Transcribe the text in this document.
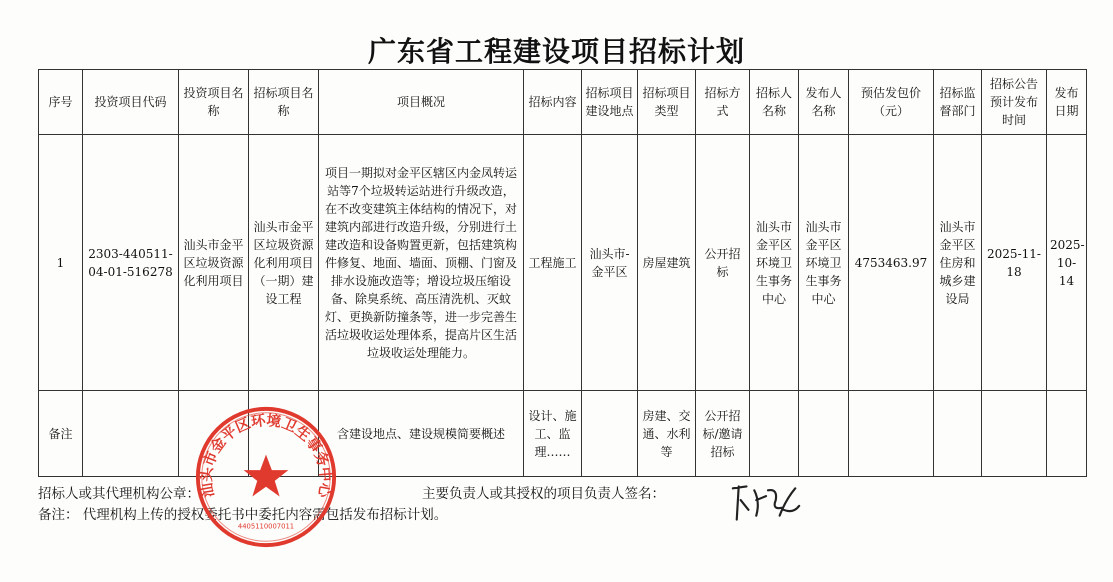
广东省工程建设项目招标计划
序号	投资项目代码	投资项目名称	招标项目名称	项目概况	招标内容	招标项目建设地点	招标项目类型	招标方式	招标人名称	发布人名称	预估发包价（元）	招标监督部门	招标公告预计发布时间	发布日期
1	2303-440511-04-01-516278	汕头市金平区垃圾资源化利用项目	汕头市金平区垃圾资源化利用项目（一期）建设工程	项目一期拟对金平区辖区内金凤转运站等7个垃圾转运站进行升级改造，在不改变建筑主体结构的情况下，对建筑内部进行改造升级，分别进行土建改造和设备购置更新，包括建筑构件修复、地面、墙面、顶棚、门窗及排水设施改造等；增设垃圾压缩设备、除臭系统、高压清洗机、灭蚊灯、更换新防撞条等，进一步完善生活垃圾收运处理体系，提高片区生活垃圾收运处理能力。	工程施工	汕头市-金平区	房屋建筑	公开招标	汕头市金平区环境卫生事务中心	汕头市金平区环境卫生事务中心	4753463.97	汕头市金平区住房和城乡建设局	2025-11-18	2025-10-14
备注				含建设地点、建设规模简要概述	设计、施工、监理……		房建、交通、水利等	公开招标/邀请招标						
招标人或其代理机构公章：	主要负责人或其授权的项目负责人签名：
备注： 代理机构上传的授权委托书中委托内容需包括发布招标计划。
汕头市金平区环境卫生事务中心
4405110007011
